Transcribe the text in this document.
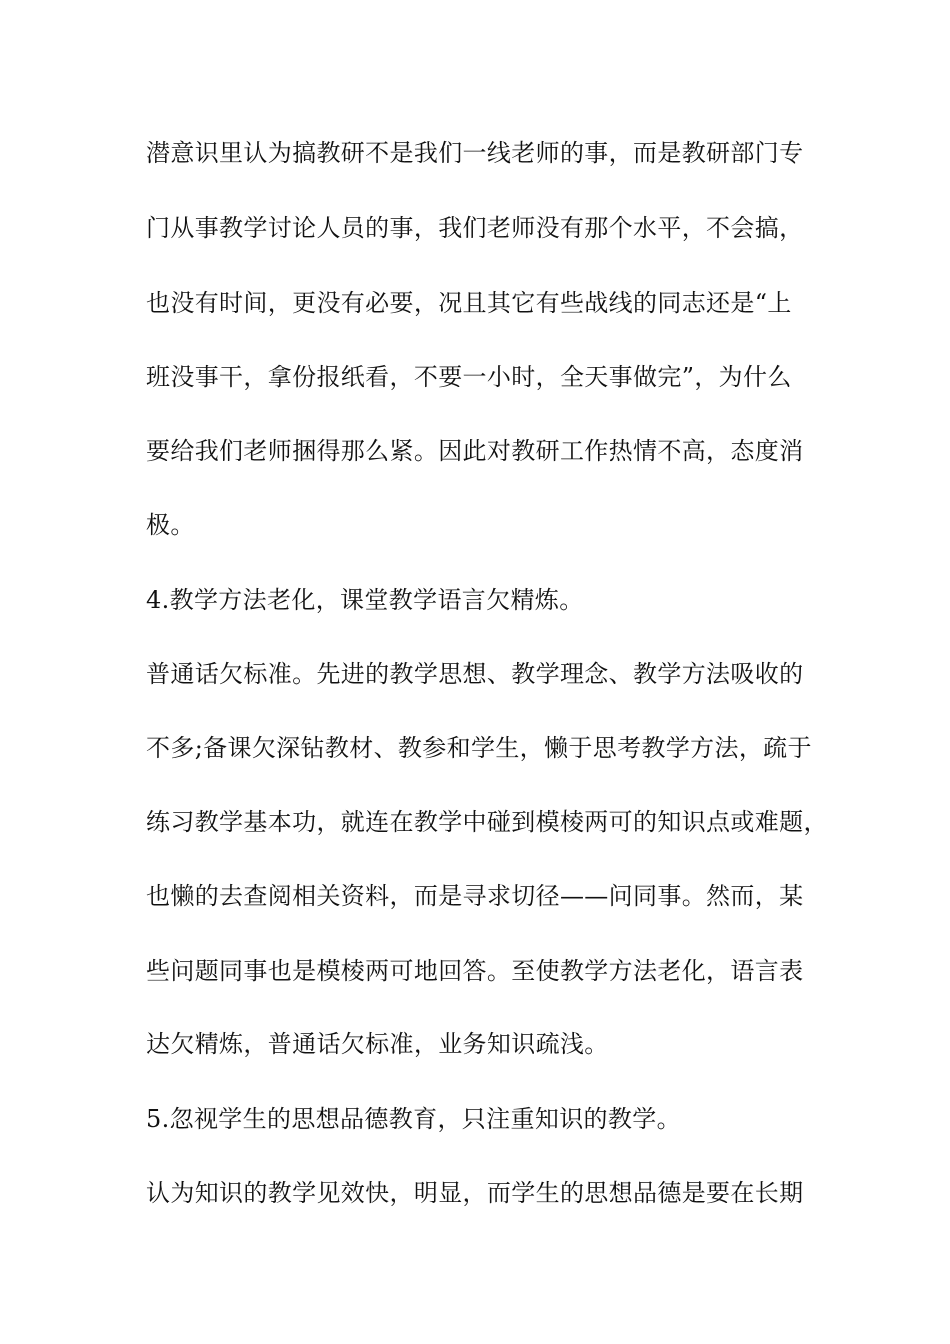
潜意识里认为搞教研不是我们一线老师的事，而是教研部门专
门从事教学讨论人员的事，我们老师没有那个水平，不会搞，
也没有时间，更没有必要，况且其它有些战线的同志还是“上
班没事干，拿份报纸看，不要一小时，全天事做完”，为什么
要给我们老师捆得那么紧。因此对教研工作热情不高，态度消
极。
4.教学方法老化，课堂教学语言欠精炼。
普通话欠标准。先进的教学思想、教学理念、教学方法吸收的
不多;备课欠深钻教材、教参和学生，懒于思考教学方法，疏于
练习教学基本功，就连在教学中碰到模棱两可的知识点或难题，
也懒的去查阅相关资料，而是寻求切径——问同事。然而，某
些问题同事也是模棱两可地回答。至使教学方法老化，语言表
达欠精炼，普通话欠标准，业务知识疏浅。
5.忽视学生的思想品德教育，只注重知识的教学。
认为知识的教学见效快，明显，而学生的思想品德是要在长期
